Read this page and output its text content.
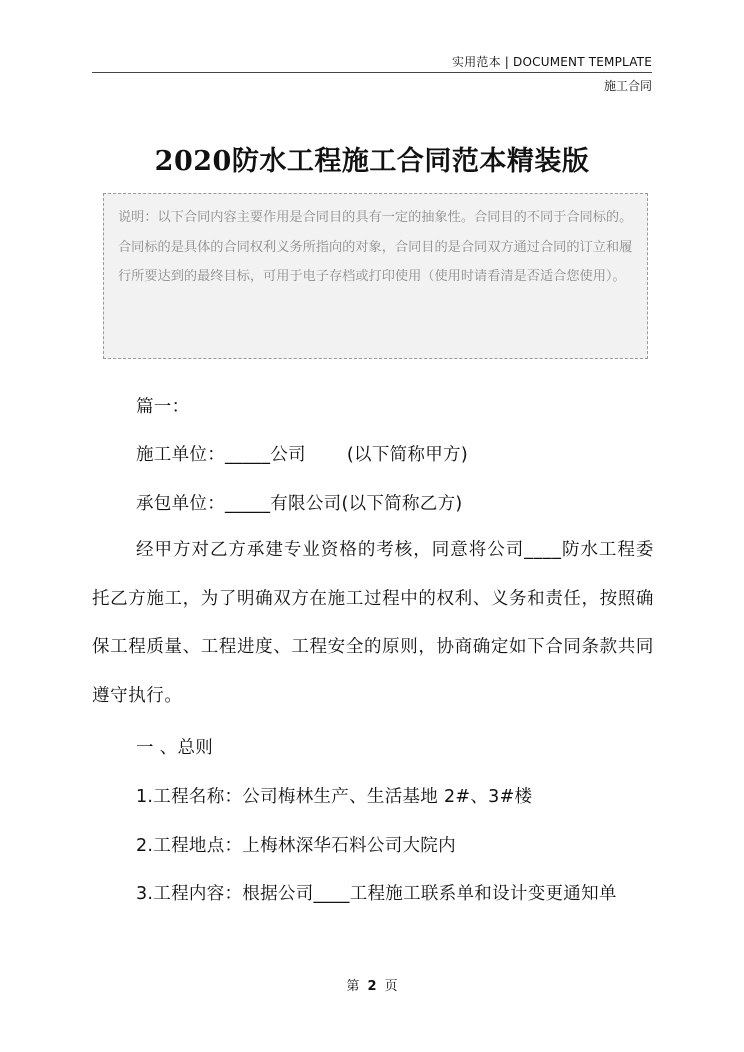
实用范本 | DOCUMENT TEMPLATE
施工合同
2020防水工程施工合同范本精装版
说明：以下合同内容主要作用是合同目的具有一定的抽象性。合同目的不同于合同标的。合同标的是具体的合同权利义务所指向的对象，合同目的是合同双方通过合同的订立和履行所要达到的最终目标，可用于电子存档或打印使用（使用时请看清是否适合您使用）。
篇一：
施工单位：_____公司       (以下简称甲方)
承包单位：_____有限公司(以下简称乙方)
经甲方对乙方承建专业资格的考核，同意将公司____防水工程委托乙方施工，为了明确双方在施工过程中的权利、义务和责任，按照确保工程质量、工程进度、工程安全的原则，协商确定如下合同条款共同遵守执行。
一 、总则
1.工程名称：公司梅林生产、生活基地 2#、3#楼
2.工程地点：上梅林深华石料公司大院内
3.工程内容：根据公司____工程施工联系单和设计变更通知单
第 2 页
